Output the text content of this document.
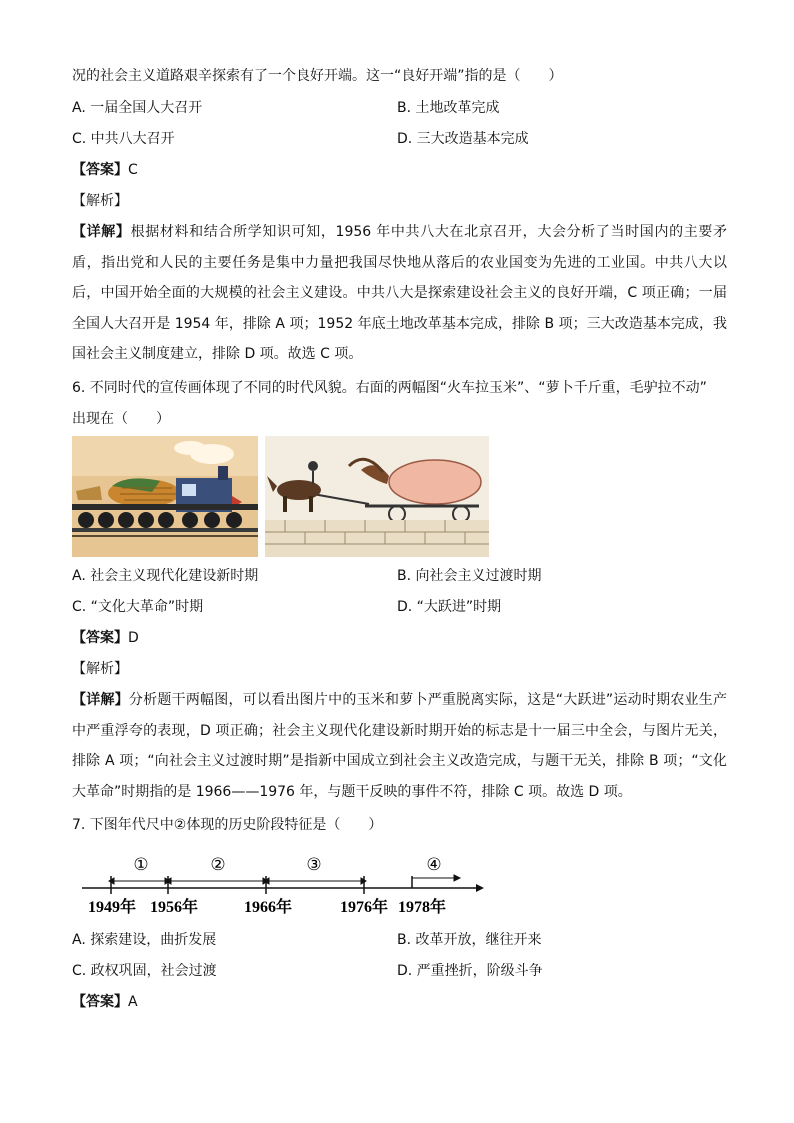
况的社会主义道路艰辛探索有了一个良好开端。这一“良好开端”指的是（　　）
A. 一届全国人大召开	B. 土地改革完成
C. 中共八大召开	D. 三大改造基本完成
【答案】C
【解析】
【详解】根据材料和结合所学知识可知，1956 年中共八大在北京召开，大会分析了当时国内的主要矛盾，指出党和人民的主要任务是集中力量把我国尽快地从落后的农业国变为先进的工业国。中共八大以后，中国开始全面的大规模的社会主义建设。中共八大是探索建设社会主义的良好开端，C 项正确；一届全国人大召开是 1954 年，排除 A 项；1952 年底土地改革基本完成，排除 B 项；三大改造基本完成，我国社会主义制度建立，排除 D 项。故选 C 项。
6. 不同时代的宣传画体现了不同的时代风貌。右面的两幅图“火车拉玉米”、“萝卜千斤重，毛驴拉不动”
出现在（　　）
A. 社会主义现代化建设新时期	B. 向社会主义过渡时期
C. “文化大革命”时期	D. “大跃进”时期
【答案】D
【解析】
【详解】分析题干两幅图，可以看出图片中的玉米和萝卜严重脱离实际，这是“大跃进”运动时期农业生产中严重浮夸的表现，D 项正确；社会主义现代化建设新时期开始的标志是十一届三中全会，与图片无关，排除 A 项；“向社会主义过渡时期”是指新中国成立到社会主义改造完成，与题干无关，排除 B 项；“文化大革命”时期指的是 1966——1976 年，与题干反映的事件不符，排除 C 项。故选 D 项。
7. 下图年代尺中②体现的历史阶段特征是（　　）
①	②	③	④
1949年 1956年	1966年	1976年 1978年
A. 探索建设，曲折发展	B. 改革开放，继往开来
C. 政权巩固，社会过渡	D. 严重挫折，阶级斗争
【答案】A
